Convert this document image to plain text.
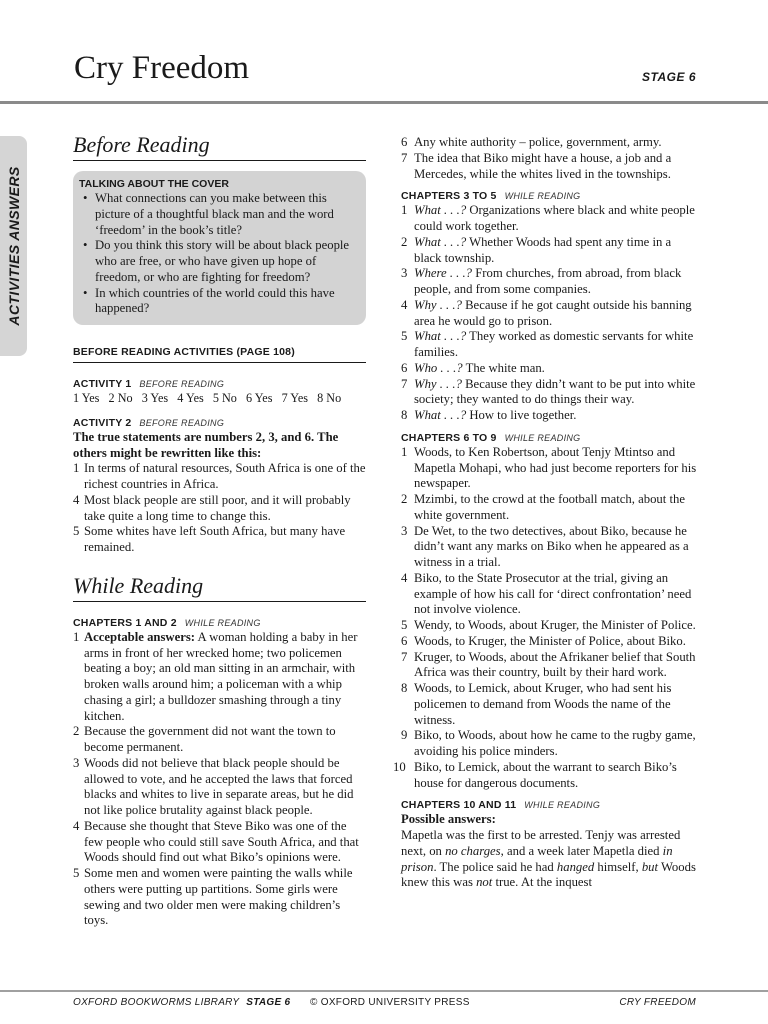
Cry Freedom	STAGE 6
ACTIVITIES ANSWERS
Before Reading
TALKING ABOUT THE COVER
• What connections can you make between this picture of a thoughtful black man and the word ‘freedom’ in the book’s title?
• Do you think this story will be about black people who are free, or who have given up hope of freedom, or who are fighting for freedom?
• In which countries of the world could this have happened?
BEFORE READING ACTIVITIES (PAGE 108)
ACTIVITY 1 BEFORE READING
1 Yes   2 No   3 Yes   4 Yes   5 No   6 Yes   7 Yes   8 No
ACTIVITY 2 BEFORE READING
The true statements are numbers 2, 3, and 6. The others might be rewritten like this:
1 In terms of natural resources, South Africa is one of the richest countries in Africa.
4 Most black people are still poor, and it will probably take quite a long time to change this.
5 Some whites have left South Africa, but many have remained.
While Reading
CHAPTERS 1 AND 2 WHILE READING
1 Acceptable answers: A woman holding a baby in her arms in front of her wrecked home; two policemen beating a boy; an old man sitting in an armchair, with broken walls around him; a policeman with a whip chasing a girl; a bulldozer smashing through a tiny kitchen.
2 Because the government did not want the town to become permanent.
3 Woods did not believe that black people should be allowed to vote, and he accepted the laws that forced blacks and whites to live in separate areas, but he did not like police brutality against black people.
4 Because she thought that Steve Biko was one of the few people who could still save South Africa, and that Woods should find out what Biko’s opinions were.
5 Some men and women were painting the walls while others were putting up partitions. Some girls were sewing and two older men were making children’s toys.
6 Any white authority – police, government, army.
7 The idea that Biko might have a house, a job and a Mercedes, while the whites lived in the townships.
CHAPTERS 3 TO 5 WHILE READING
1 What . . .? Organizations where black and white people could work together.
2 What . . .? Whether Woods had spent any time in a black township.
3 Where . . .? From churches, from abroad, from black people, and from some companies.
4 Why . . .? Because if he got caught outside his banning area he would go to prison.
5 What . . .? They worked as domestic servants for white families.
6 Who . . .? The white man.
7 Why . . .? Because they didn’t want to be put into white society; they wanted to do things their way.
8 What . . .? How to live together.
CHAPTERS 6 TO 9 WHILE READING
1 Woods, to Ken Robertson, about Tenjy Mtintso and Mapetla Mohapi, who had just become reporters for his newspaper.
2 Mzimbi, to the crowd at the football match, about the white government.
3 De Wet, to the two detectives, about Biko, because he didn’t want any marks on Biko when he appeared as a witness in a trial.
4 Biko, to the State Prosecutor at the trial, giving an example of how his call for ‘direct confrontation’ need not involve violence.
5 Wendy, to Woods, about Kruger, the Minister of Police.
6 Woods, to Kruger, the Minister of Police, about Biko.
7 Kruger, to Woods, about the Afrikaner belief that South Africa was their country, built by their hard work.
8 Woods, to Lemick, about Kruger, who had sent his policemen to demand from Woods the name of the witness.
9 Biko, to Woods, about how he came to the rugby game, avoiding his police minders.
10 Biko, to Lemick, about the warrant to search Biko’s house for dangerous documents.
CHAPTERS 10 AND 11 WHILE READING
Possible answers:
Mapetla was the first to be arrested. Tenjy was arrested next, on no charges, and a week later Mapetla died in prison. The police said he had hanged himself, but Woods knew this was not true. At the inquest
OXFORD BOOKWORMS LIBRARY STAGE 6 © OXFORD UNIVERSITY PRESS	CRY FREEDOM
